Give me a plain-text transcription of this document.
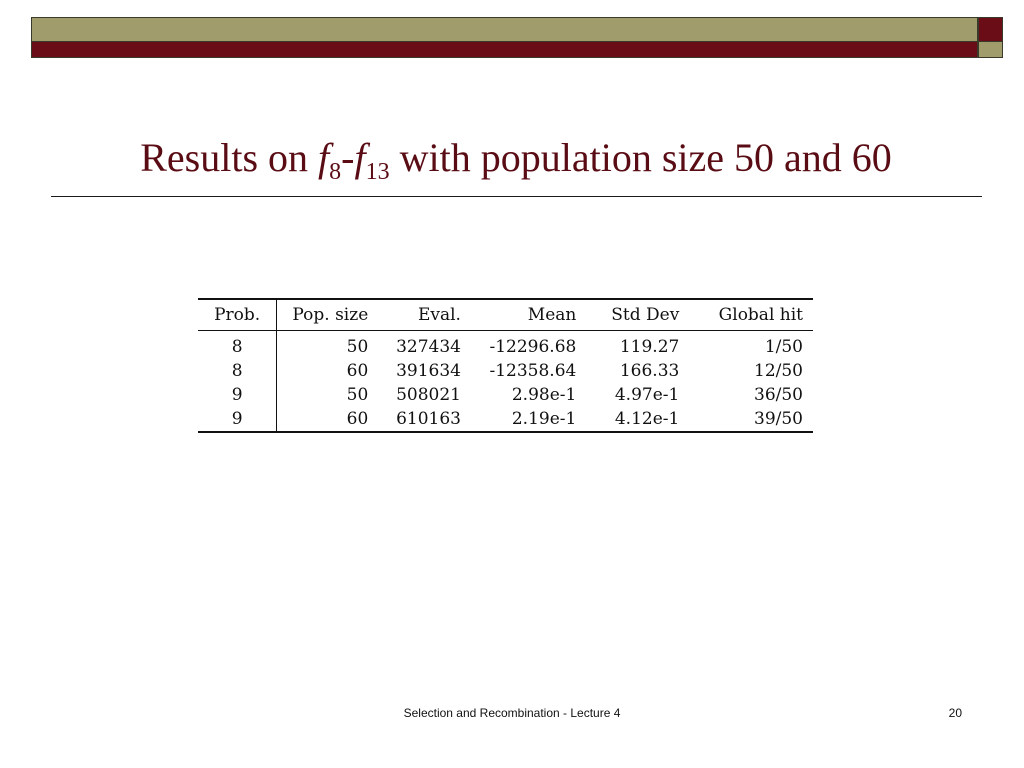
Results on $f_8-f_{13}$ with population size 50 and 60
Prob.	Pop. size	Eval.	Mean	Std Dev	Global hit
8	50	327434	-12296.68	119.27	1/50
8	60	391634	-12358.64	166.33	12/50
9	50	508021	2.98e-1	4.97e-1	36/50
9	60	610163	2.19e-1	4.12e-1	39/50
Selection and Recombination - Lecture 4	20
